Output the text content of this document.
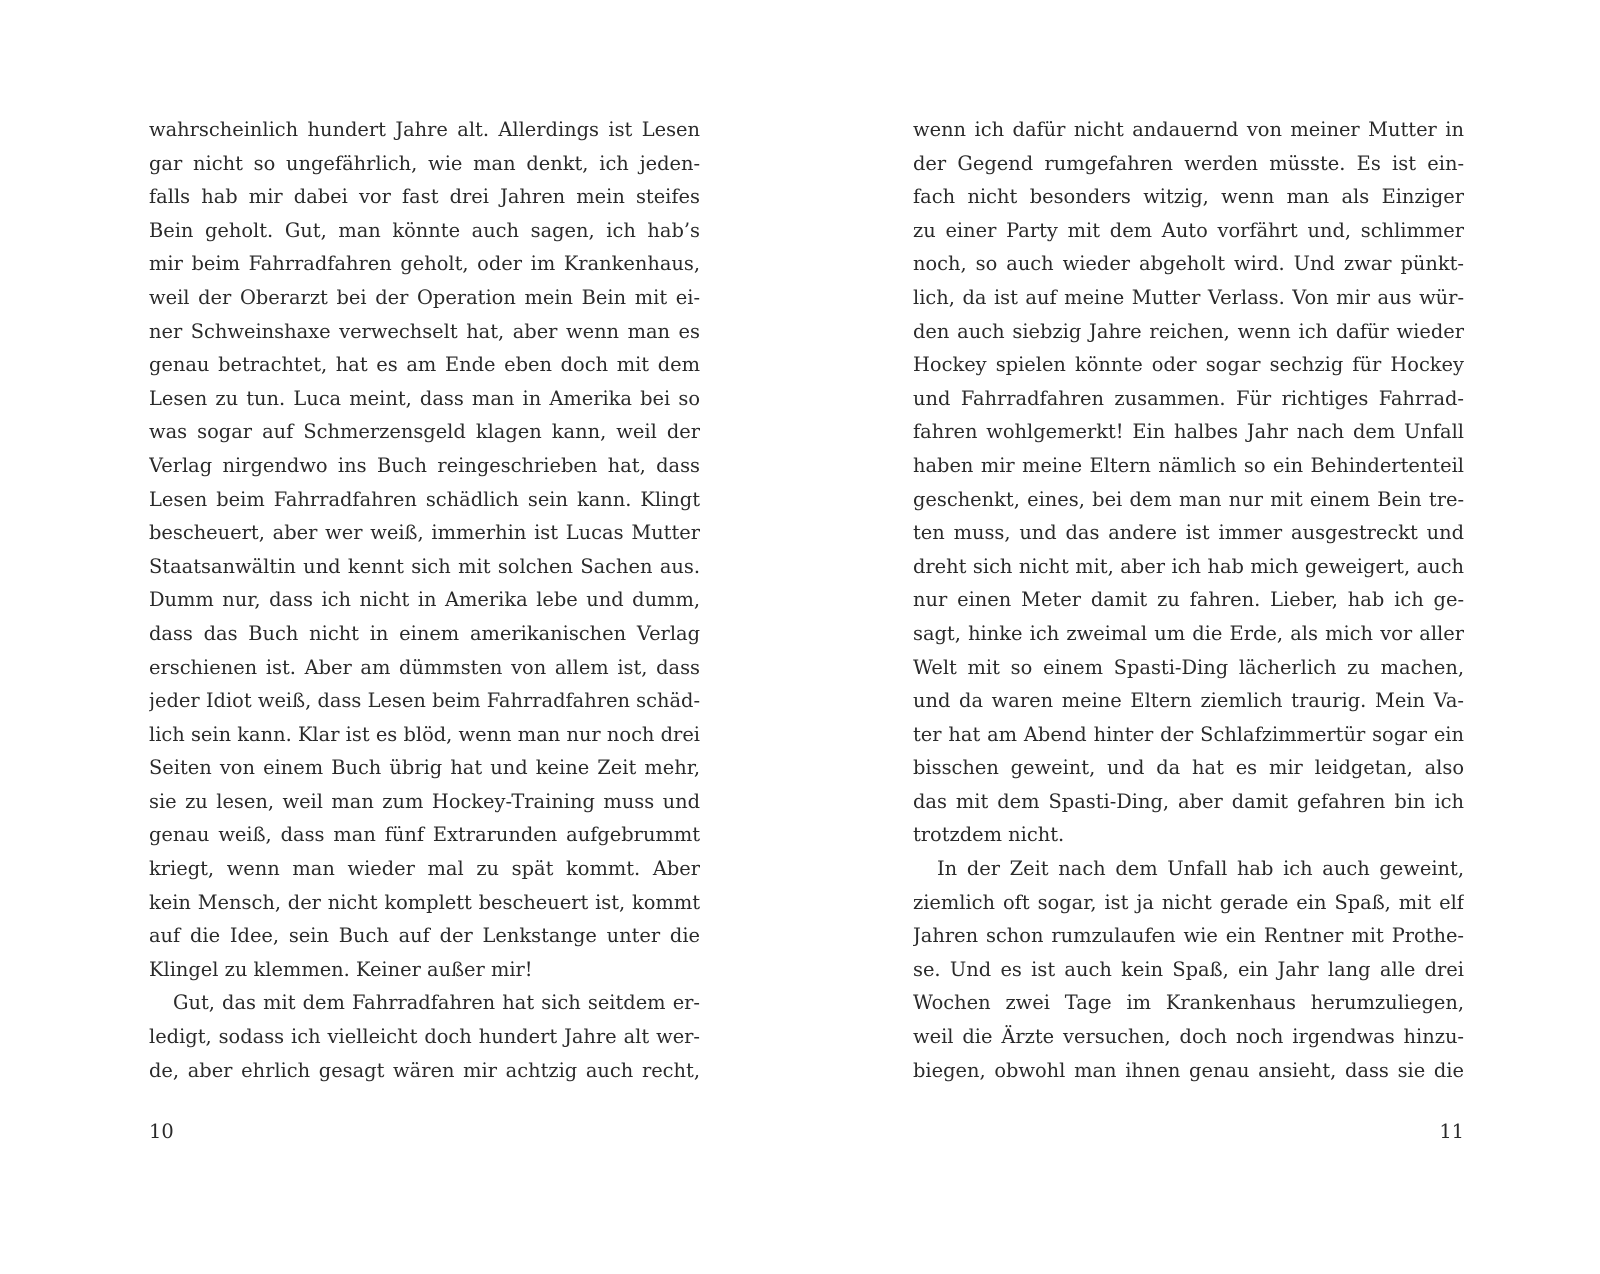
wahrscheinlich hundert Jahre alt. Allerdings ist Lesen
gar nicht so ungefährlich, wie man denkt, ich jeden-
falls hab mir dabei vor fast drei Jahren mein steifes
Bein geholt. Gut, man könnte auch sagen, ich hab’s
mir beim Fahrradfahren geholt, oder im Krankenhaus,
weil der Oberarzt bei der Operation mein Bein mit ei-
ner Schweinshaxe verwechselt hat, aber wenn man es
genau betrachtet, hat es am Ende eben doch mit dem
Lesen zu tun. Luca meint, dass man in Amerika bei so
was sogar auf Schmerzensgeld klagen kann, weil der
Verlag nirgendwo ins Buch reingeschrieben hat, dass
Lesen beim Fahrradfahren schädlich sein kann. Klingt
bescheuert, aber wer weiß, immerhin ist Lucas Mutter
Staatsanwältin und kennt sich mit solchen Sachen aus.
Dumm nur, dass ich nicht in Amerika lebe und dumm,
dass das Buch nicht in einem amerikanischen Verlag
erschienen ist. Aber am dümmsten von allem ist, dass
jeder Idiot weiß, dass Lesen beim Fahrradfahren schäd-
lich sein kann. Klar ist es blöd, wenn man nur noch drei
Seiten von einem Buch übrig hat und keine Zeit mehr,
sie zu lesen, weil man zum Hockey-Training muss und
genau weiß, dass man fünf Extrarunden aufgebrummt
kriegt, wenn man wieder mal zu spät kommt. Aber
kein Mensch, der nicht komplett bescheuert ist, kommt
auf die Idee, sein Buch auf der Lenkstange unter die
Klingel zu klemmen. Keiner außer mir!
Gut, das mit dem Fahrradfahren hat sich seitdem er-
ledigt, sodass ich vielleicht doch hundert Jahre alt wer-
de, aber ehrlich gesagt wären mir achtzig auch recht,
10
wenn ich dafür nicht andauernd von meiner Mutter in
der Gegend rumgefahren werden müsste. Es ist ein-
fach nicht besonders witzig, wenn man als Einziger
zu einer Party mit dem Auto vorfährt und, schlimmer
noch, so auch wieder abgeholt wird. Und zwar pünkt-
lich, da ist auf meine Mutter Verlass. Von mir aus wür-
den auch siebzig Jahre reichen, wenn ich dafür wieder
Hockey spielen könnte oder sogar sechzig für Hockey
und Fahrradfahren zusammen. Für richtiges Fahrrad-
fahren wohlgemerkt! Ein halbes Jahr nach dem Unfall
haben mir meine Eltern nämlich so ein Behindertenteil
geschenkt, eines, bei dem man nur mit einem Bein tre-
ten muss, und das andere ist immer ausgestreckt und
dreht sich nicht mit, aber ich hab mich geweigert, auch
nur einen Meter damit zu fahren. Lieber, hab ich ge-
sagt, hinke ich zweimal um die Erde, als mich vor aller
Welt mit so einem Spasti-Ding lächerlich zu machen,
und da waren meine Eltern ziemlich traurig. Mein Va-
ter hat am Abend hinter der Schlafzimmertür sogar ein
bisschen geweint, und da hat es mir leidgetan, also
das mit dem Spasti-Ding, aber damit gefahren bin ich
trotzdem nicht.
In der Zeit nach dem Unfall hab ich auch geweint,
ziemlich oft sogar, ist ja nicht gerade ein Spaß, mit elf
Jahren schon rumzulaufen wie ein Rentner mit Prothe-
se. Und es ist auch kein Spaß, ein Jahr lang alle drei
Wochen zwei Tage im Krankenhaus herumzuliegen,
weil die Ärzte versuchen, doch noch irgendwas hinzu-
biegen, obwohl man ihnen genau ansieht, dass sie die
11
